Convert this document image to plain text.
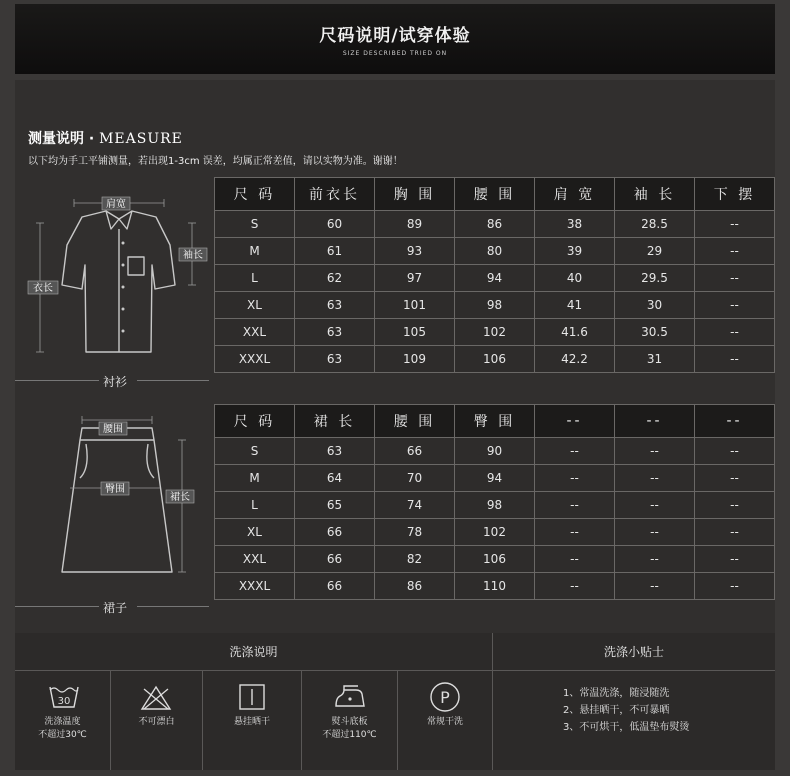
尺码说明/试穿体验
SIZE DESCRIBED TRIED ON
测量说明 · MEASURE
以下均为手工平铺测量，若出现1-3cm 误差，均属正常差值，请以实物为准。谢谢！
肩宽
衣长
袖长
衬衫
尺 码	前衣长	胸 围	腰 围	肩 宽	袖 长	下 摆
S	60	89	86	38	28.5	--
M	61	93	80	39	29	--
L	62	97	94	40	29.5	--
XL	63	101	98	41	30	--
XXL	63	105	102	41.6	30.5	--
XXXL	63	109	106	42.2	31	--
腰围
臀围
裙长
裙子
尺 码	裙 长	腰 围	臀 围	--	--	--
S	63	66	90	--	--	--
M	64	70	94	--	--	--
L	65	74	98	--	--	--
XL	66	78	102	--	--	--
XXL	66	82	106	--	--	--
XXXL	66	86	110	--	--	--
洗涤说明	洗涤小贴士
30
洗涤温度
不超过30℃
不可漂白	悬挂晒干	熨斗底板
不超过110℃
P
常规干洗
1、常温洗涤，随浸随洗
2、悬挂晒干，不可暴晒
3、不可烘干，低温垫布熨烫
